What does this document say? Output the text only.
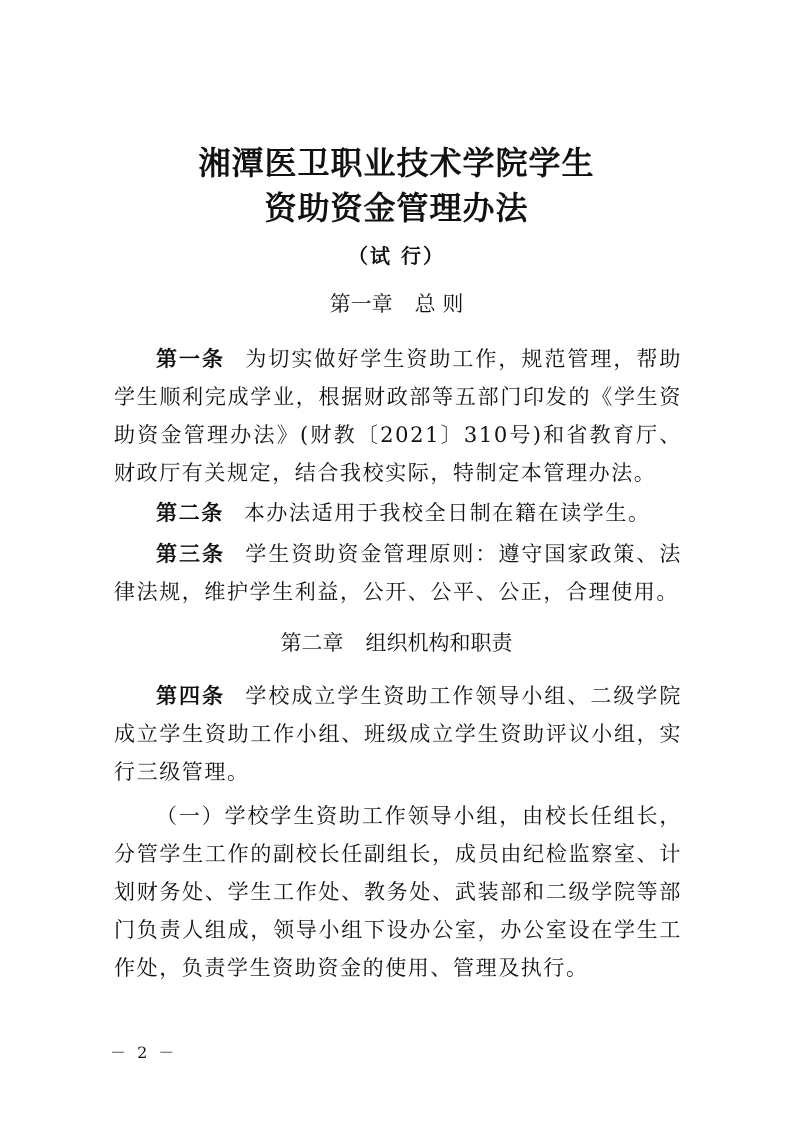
湘潭医卫职业技术学院学生
资助资金管理办法
（试 行）
第一章 总 则
第一条 为切实做好学生资助工作，规范管理，帮助学生顺利完成学业，根据财政部等五部门印发的《学生资助资金管理办法》(财教〔2021〕310号)和省教育厅、财政厅有关规定，结合我校实际，特制定本管理办法。
第二条 本办法适用于我校全日制在籍在读学生。
第三条 学生资助资金管理原则：遵守国家政策、法律法规，维护学生利益，公开、公平、公正，合理使用。
第二章 组织机构和职责
第四条 学校成立学生资助工作领导小组、二级学院成立学生资助工作小组、班级成立学生资助评议小组，实行三级管理。
（一）学校学生资助工作领导小组，由校长任组长，分管学生工作的副校长任副组长，成员由纪检监察室、计划财务处、学生工作处、教务处、武装部和二级学院等部门负责人组成，领导小组下设办公室，办公室设在学生工作处，负责学生资助资金的使用、管理及执行。
－ 2 －
